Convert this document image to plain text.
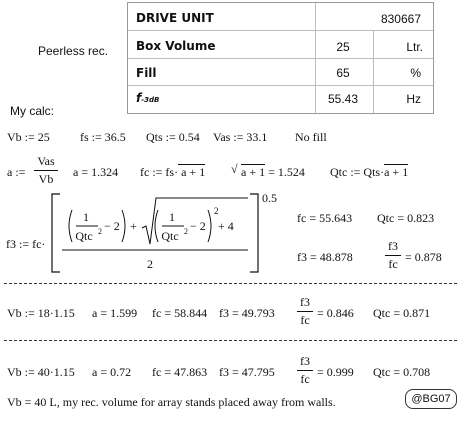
Peerless rec.
DRIVE UNIT	830667
Box Volume	25	Ltr.
Fill	65	%
f-3dB	55.43	Hz
My calc:
Vb := 25	fs := 36.5 Qts := 0.54 Vas := 33.1 No fill
a :=
Vas
Vb	a = 1.324 fc := fs· a + 1 √ a + 1 = 1.524 Qtc := Qts·a + 1
f3 := fc·
0.5
2
1
Qtc 2 − 2 +
1
Qtc 2 − 2
2
+ 4
fc = 55.643 Qtc = 0.823
f3 = 48.878
f3
fc = 0.878
Vb := 18·1.15 a = 1.599 fc = 58.844 f3 = 49.793
f3
fc = 0.846 Qtc = 0.871
Vb := 40·1.15 a = 0.72 fc = 47.863 f3 = 47.795
f3
fc = 0.999 Qtc = 0.708
Vb = 40 L, my rec. volume for array stands placed away from walls.	@BG07
